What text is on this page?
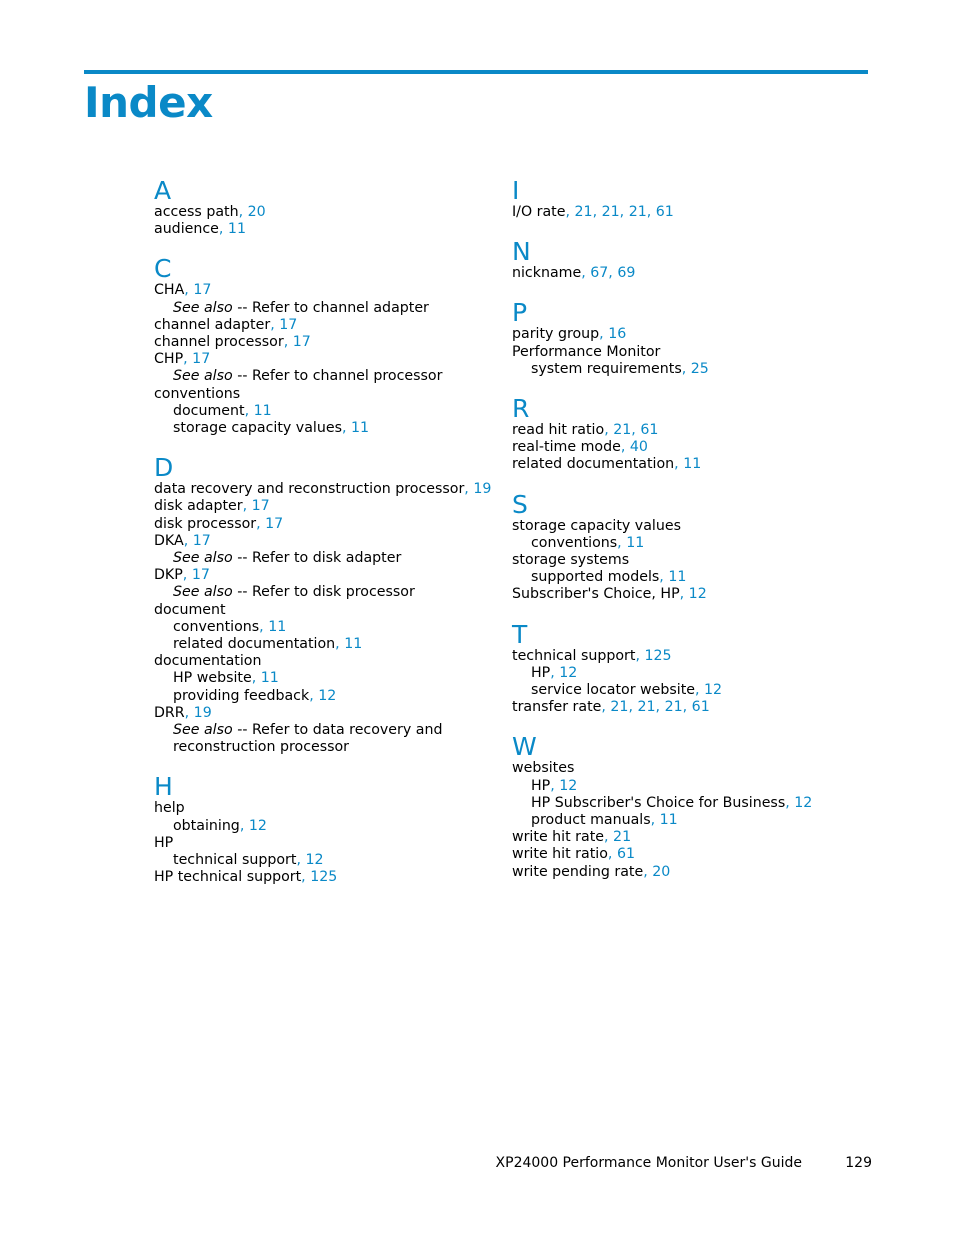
Index
A
access path, 20
audience, 11
C
CHA, 17
See also -- Refer to channel adapter
channel adapter, 17
channel processor, 17
CHP, 17
See also -- Refer to channel processor
conventions
document, 11
storage capacity values, 11
D
data recovery and reconstruction processor, 19
disk adapter, 17
disk processor, 17
DKA, 17
See also -- Refer to disk adapter
DKP, 17
See also -- Refer to disk processor
document
conventions, 11
related documentation, 11
documentation
HP website, 11
providing feedback, 12
DRR, 19
See also -- Refer to data recovery and reconstruction processor
H
help
obtaining, 12
HP
technical support, 12
HP technical support, 125
I
I/O rate, 21, 21, 21, 61
N
nickname, 67, 69
P
parity group, 16
Performance Monitor
system requirements, 25
R
read hit ratio, 21, 61
real-time mode, 40
related documentation, 11
S
storage capacity values
conventions, 11
storage systems
supported models, 11
Subscriber's Choice, HP, 12
T
technical support, 125
HP, 12
service locator website, 12
transfer rate, 21, 21, 21, 61
W
websites
HP, 12
HP Subscriber's Choice for Business, 12
product manuals, 11
write hit rate, 21
write hit ratio, 61
write pending rate, 20
XP24000 Performance Monitor User's Guide	129
